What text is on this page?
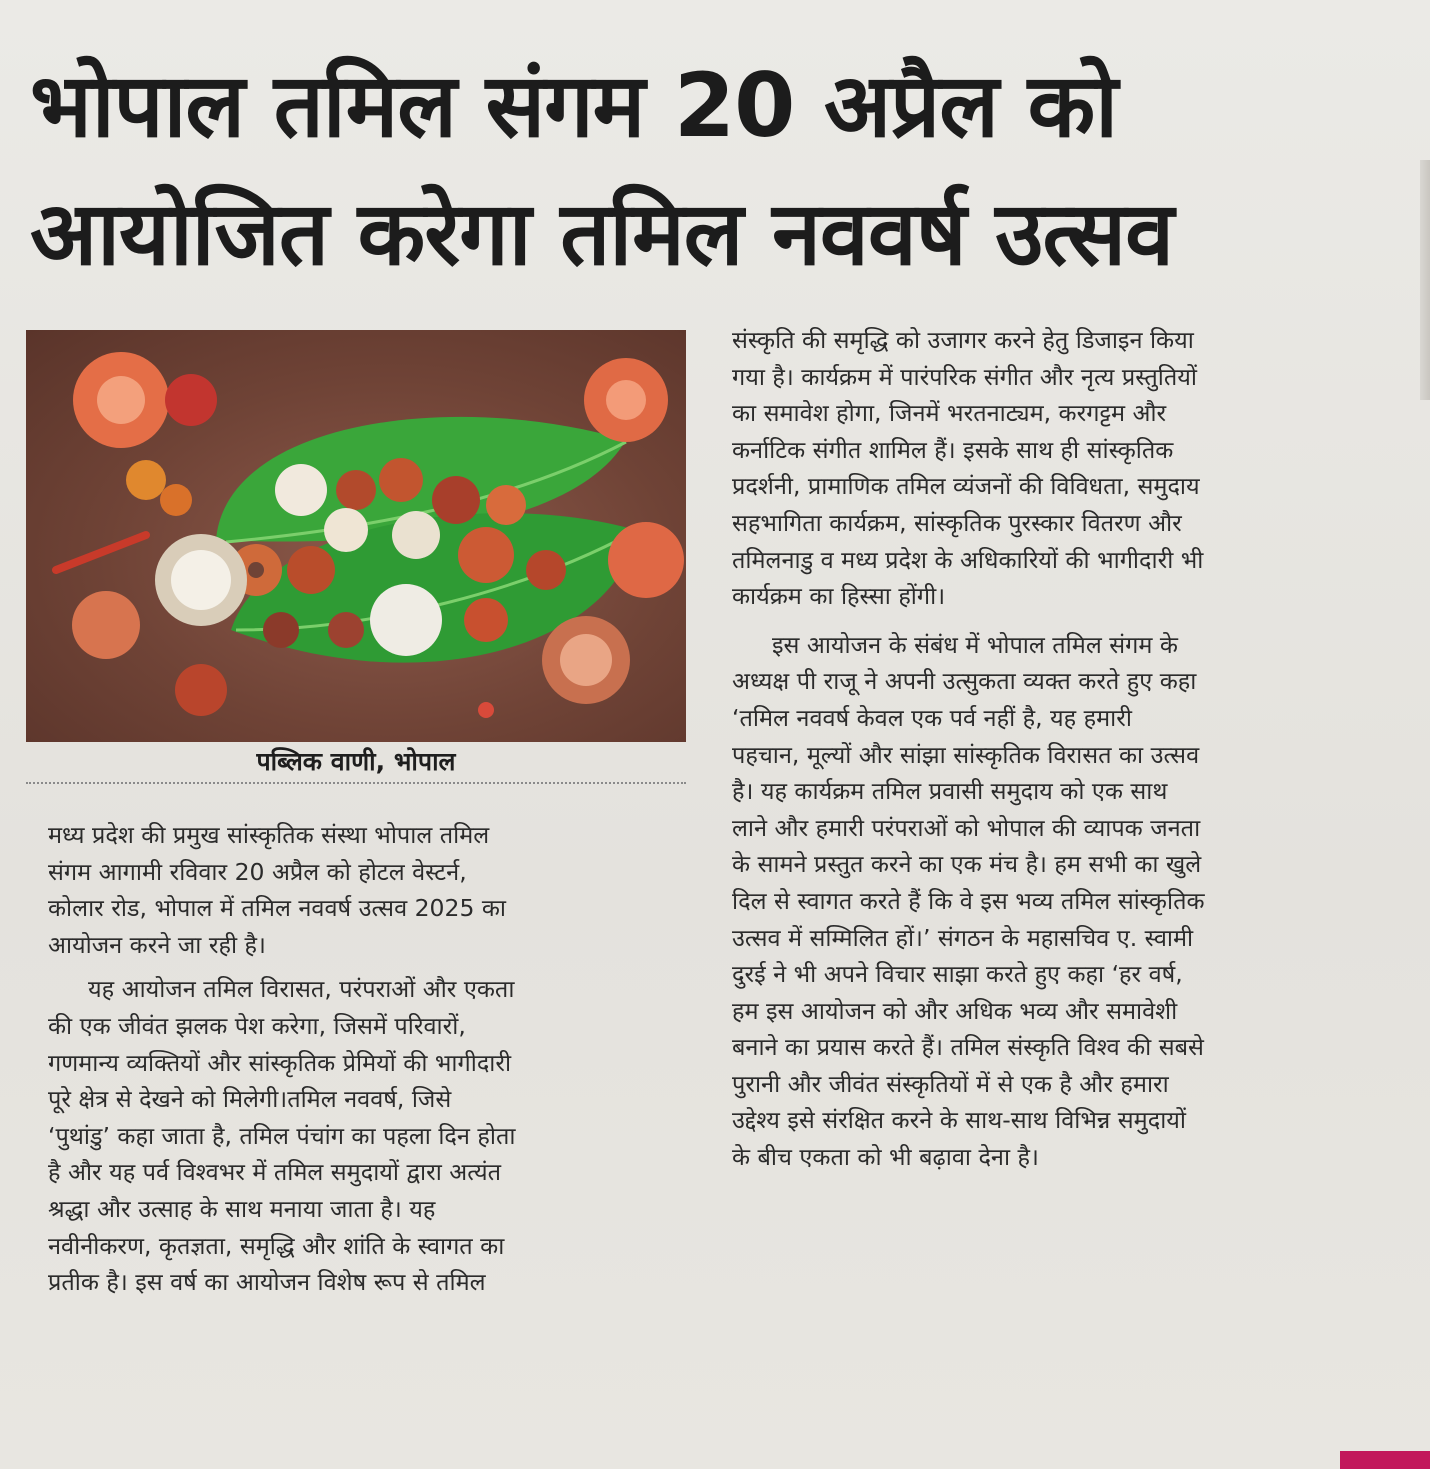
भोपाल तमिल संगम 20 अप्रैल को
आयोजित करेगा तमिल नववर्ष उत्सव
पब्लिक वाणी, भोपाल
मध्य प्रदेश की प्रमुख सांस्कृतिक संस्था भोपाल तमिल
संगम आगामी रविवार 20 अप्रैल को होटल वेस्टर्न,
कोलार रोड, भोपाल में तमिल नववर्ष उत्सव 2025 का
आयोजन करने जा रही है।
यह आयोजन तमिल विरासत, परंपराओं और एकता
की एक जीवंत झलक पेश करेगा, जिसमें परिवारों,
गणमान्य व्यक्तियों और सांस्कृतिक प्रेमियों की भागीदारी
पूरे क्षेत्र से देखने को मिलेगी।तमिल नववर्ष, जिसे
‘पुथांडु’ कहा जाता है, तमिल पंचांग का पहला दिन होता
है और यह पर्व विश्वभर में तमिल समुदायों द्वारा अत्यंत
श्रद्धा और उत्साह के साथ मनाया जाता है। यह
नवीनीकरण, कृतज्ञता, समृद्धि और शांति के स्वागत का
प्रतीक है। इस वर्ष का आयोजन विशेष रूप से तमिल
संस्कृति की समृद्धि को उजागर करने हेतु डिजाइन किया
गया है। कार्यक्रम में पारंपरिक संगीत और नृत्य प्रस्तुतियों
का समावेश होगा, जिनमें भरतनाट्यम, करगट्टम और
कर्नाटिक संगीत शामिल हैं। इसके साथ ही सांस्कृतिक
प्रदर्शनी, प्रामाणिक तमिल व्यंजनों की विविधता, समुदाय
सहभागिता कार्यक्रम, सांस्कृतिक पुरस्कार वितरण और
तमिलनाडु व मध्य प्रदेश के अधिकारियों की भागीदारी भी
कार्यक्रम का हिस्सा होंगी।
इस आयोजन के संबंध में भोपाल तमिल संगम के
अध्यक्ष पी राजू ने अपनी उत्सुकता व्यक्त करते हुए कहा
‘तमिल नववर्ष केवल एक पर्व नहीं है, यह हमारी
पहचान, मूल्यों और सांझा सांस्कृतिक विरासत का उत्सव
है। यह कार्यक्रम तमिल प्रवासी समुदाय को एक साथ
लाने और हमारी परंपराओं को भोपाल की व्यापक जनता
के सामने प्रस्तुत करने का एक मंच है। हम सभी का खुले
दिल से स्वागत करते हैं कि वे इस भव्य तमिल सांस्कृतिक
उत्सव में सम्मिलित हों।’ संगठन के महासचिव ए. स्वामी
दुरई ने भी अपने विचार साझा करते हुए कहा ‘हर वर्ष,
हम इस आयोजन को और अधिक भव्य और समावेशी
बनाने का प्रयास करते हैं। तमिल संस्कृति विश्व की सबसे
पुरानी और जीवंत संस्कृतियों में से एक है और हमारा
उद्देश्य इसे संरक्षित करने के साथ-साथ विभिन्न समुदायों
के बीच एकता को भी बढ़ावा देना है।
